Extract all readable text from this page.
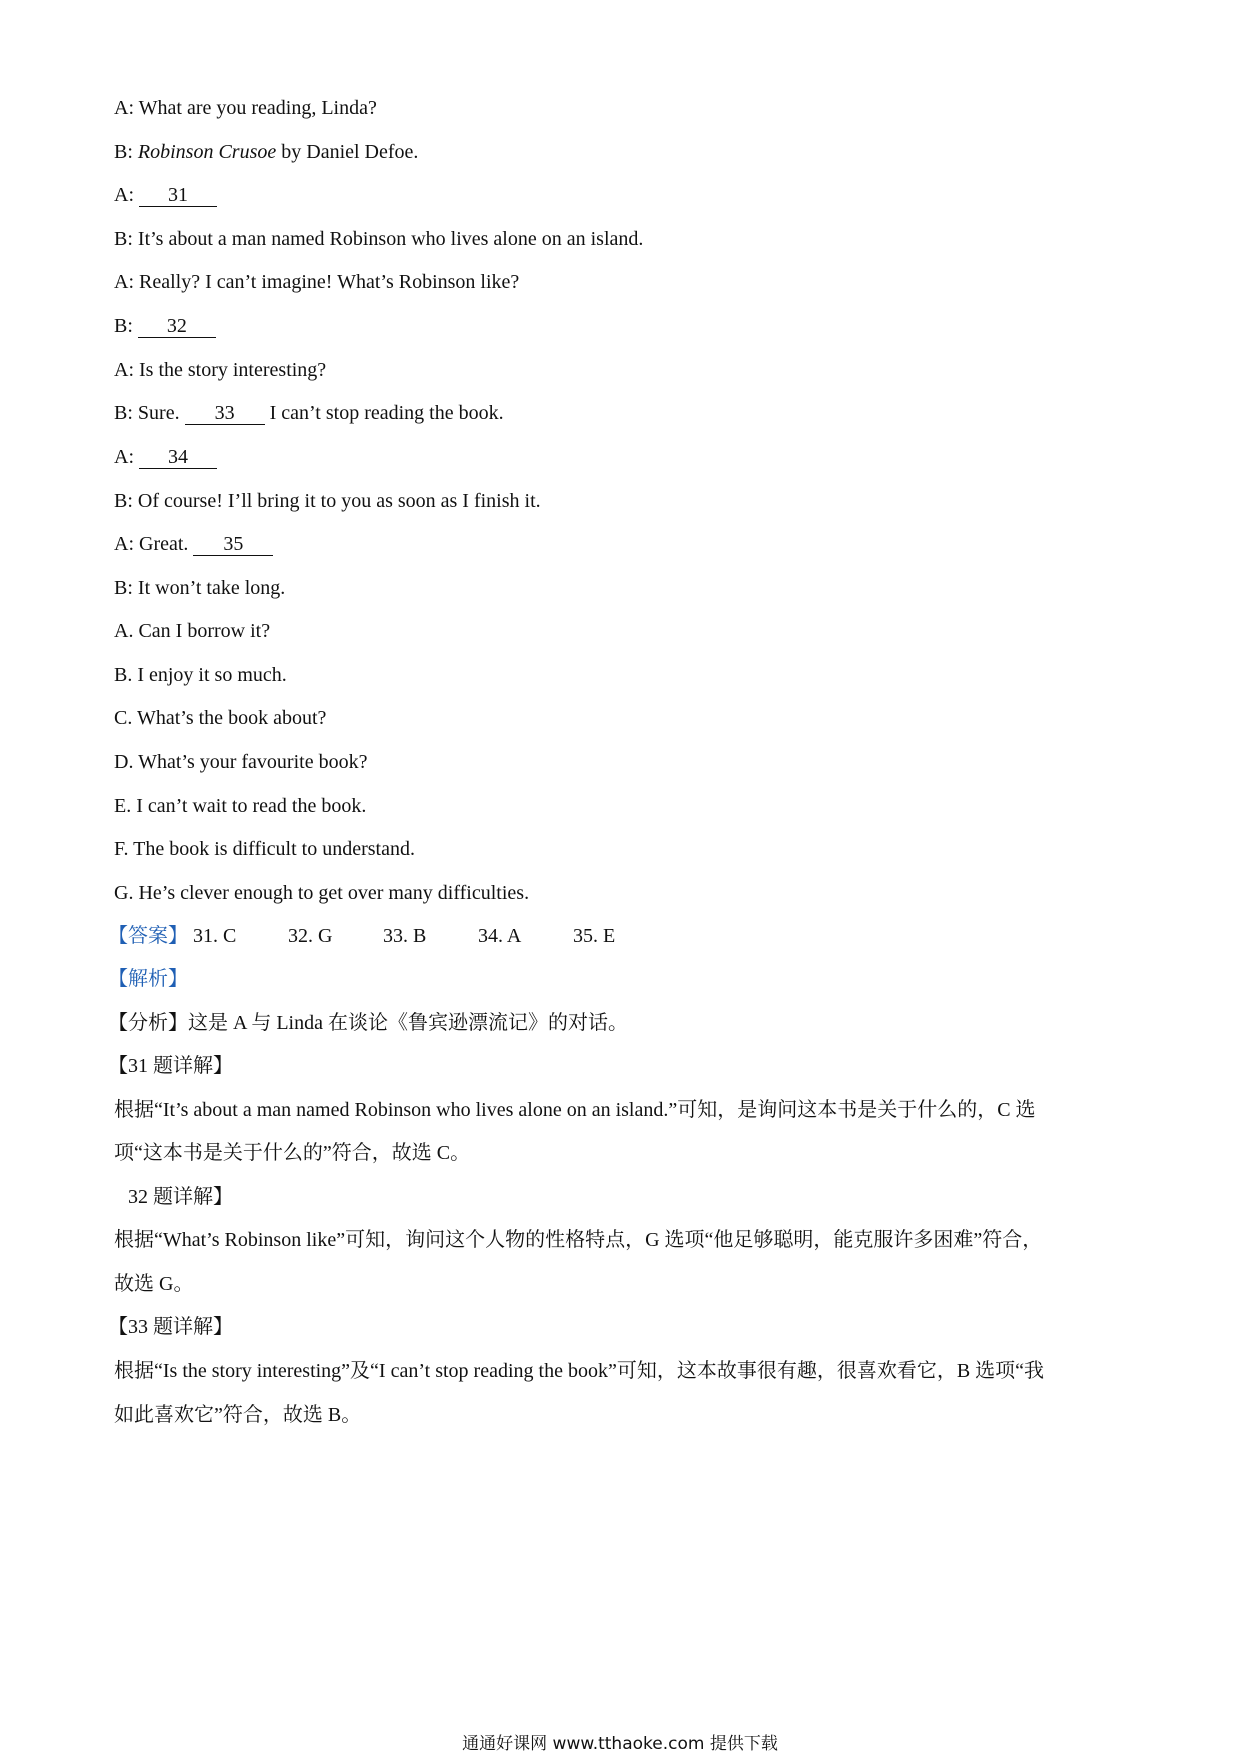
A: What are you reading, Linda?
B: Robinson Crusoe by Daniel Defoe.
A: 31
B: It’s about a man named Robinson who lives alone on an island.
A: Really? I can’t imagine! What’s Robinson like?
B: 32
A: Is the story interesting?
B: Sure. 33 I can’t stop reading the book.
A: 34
B: Of course! I’ll bring it to you as soon as I finish it.
A: Great. 35
B: It won’t take long.
A. Can I borrow it?
B. I enjoy it so much.
C. What’s the book about?
D. What’s your favourite book?
E. I can’t wait to read the book.
F. The book is difficult to understand.
G. He’s clever enough to get over many difficulties.
【答案】 31. C	32. G	33. B	34. A	35. E
【解析】
【分析】这是 A 与 Linda 在谈论《鲁宾逊漂流记》的对话。
【31 题详解】
根据“It’s about a man named Robinson who lives alone on an island.”可知，是询问这本书是关于什么的，C 选
项“这本书是关于什么的”符合，故选 C。
32 题详解】
根据“What’s Robinson like”可知，询问这个人物的性格特点，G 选项“他足够聪明，能克服许多困难”符合，
故选 G。
【33 题详解】
根据“Is the story interesting”及“I can’t stop reading the book”可知，这本故事很有趣，很喜欢看它，B 选项“我
如此喜欢它”符合，故选 B。
通通好课网 www.tthaoke.com 提供下载
